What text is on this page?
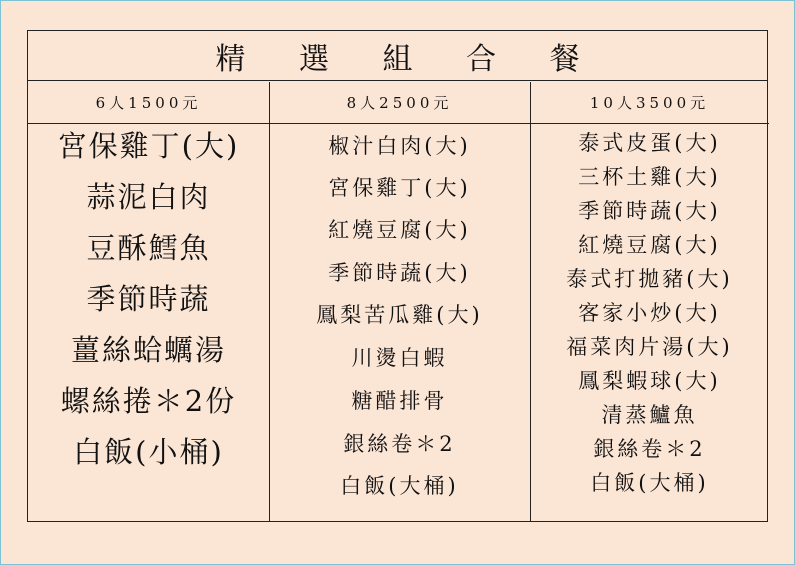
精 選 組 合 餐
6人1500元	8人2500元	10人3500元
宮保雞丁(大)
蒜泥白肉
豆酥鱈魚
季節時蔬
薑絲蛤蠣湯
螺絲捲＊2份
白飯(小桶)
椒汁白肉(大)
宮保雞丁(大)
紅燒豆腐(大)
季節時蔬(大)
鳳梨苦瓜雞(大)
川燙白蝦
糖醋排骨
銀絲卷＊2
白飯(大桶)
泰式皮蛋(大)
三杯土雞(大)
季節時蔬(大)
紅燒豆腐(大)
泰式打拋豬(大)
客家小炒(大)
福菜肉片湯(大)
鳳梨蝦球(大)
清蒸鱸魚
銀絲卷＊2
白飯(大桶)
